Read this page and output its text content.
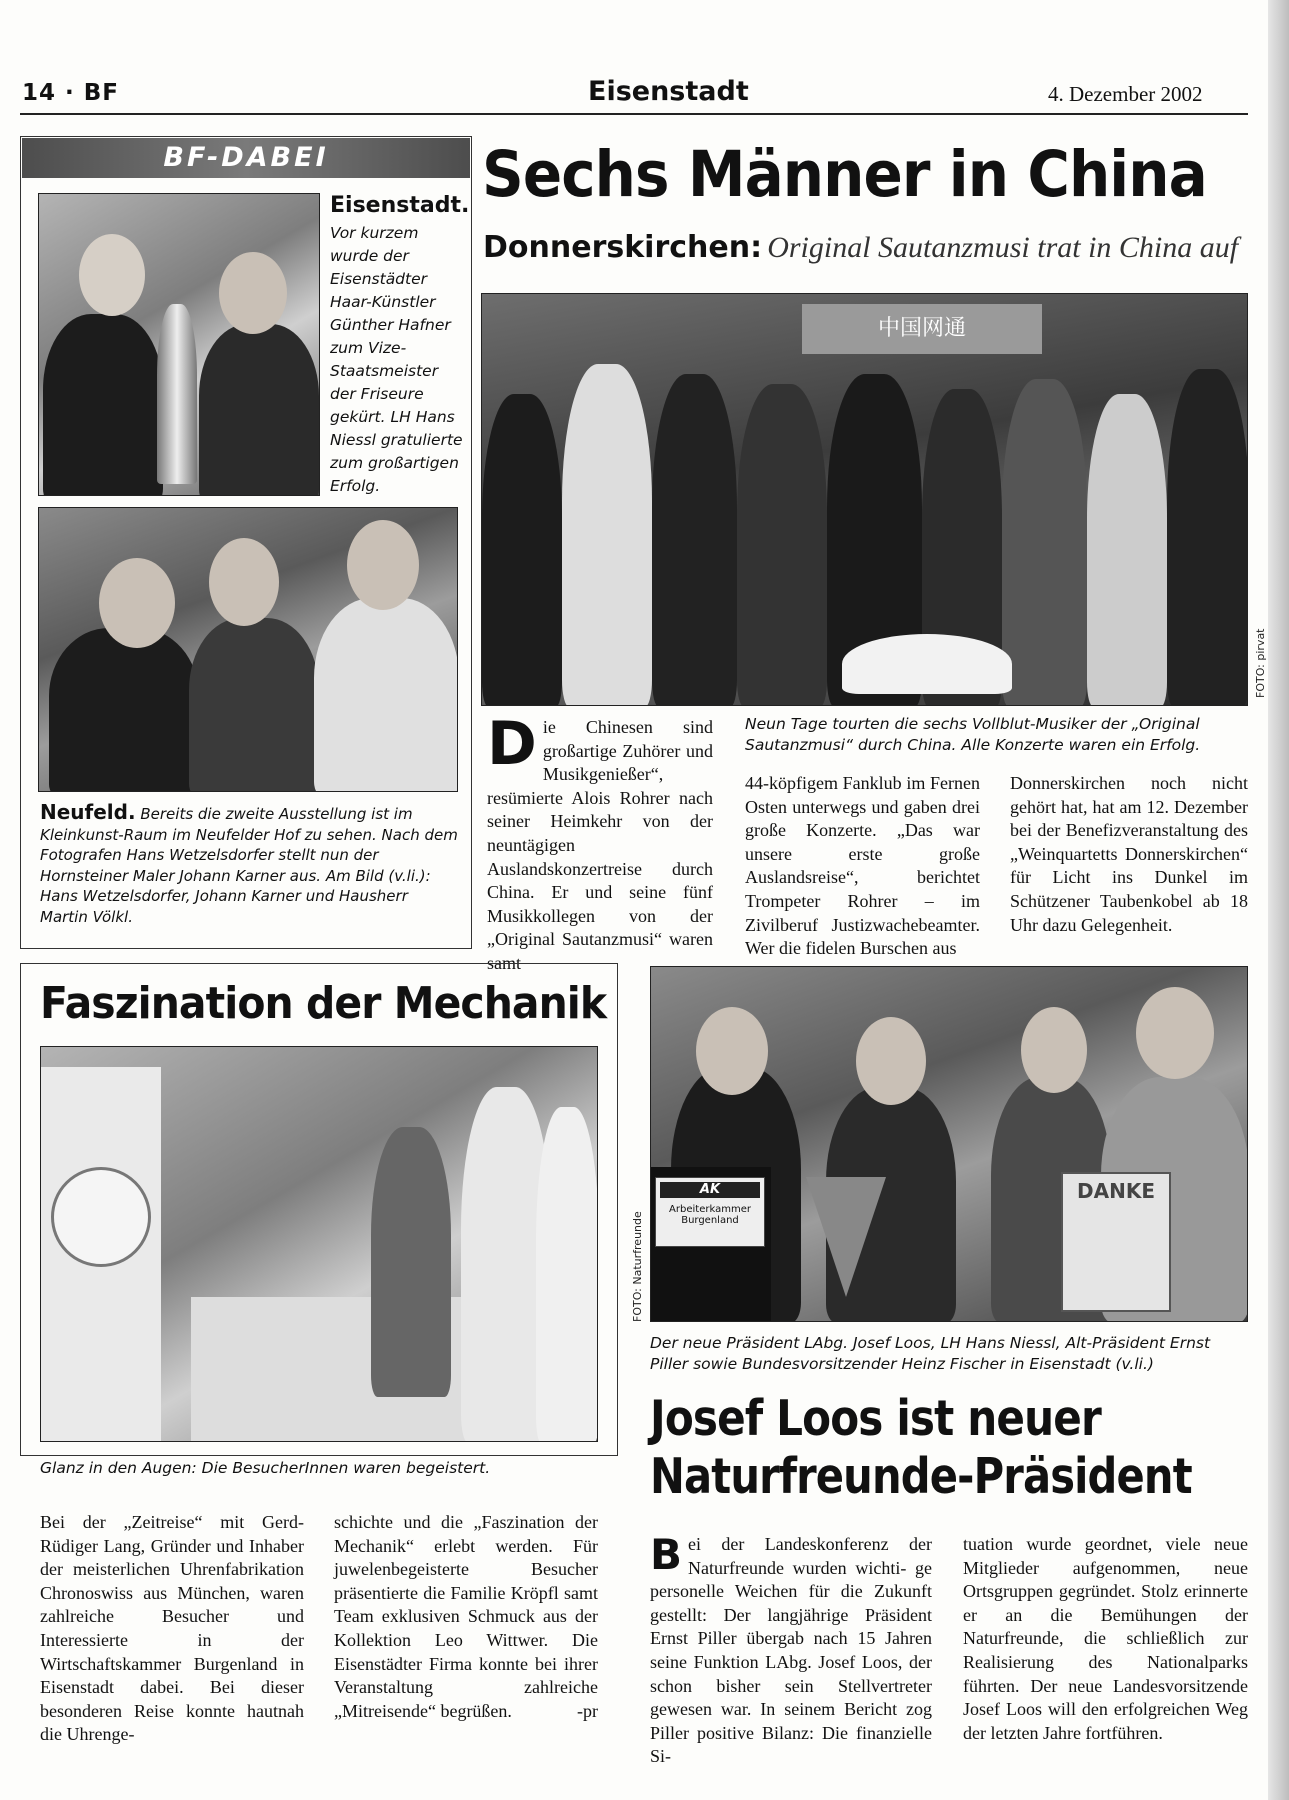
14 · BF	Eisenstadt	4. Dezember 2002
BF-DABEI
Eisenstadt.
Vor kurzem wurde der Eisenstädter Haar-Künstler Günther Hafner zum Vize-Staatsmeister der Friseure gekürt. LH Hans Niessl gratulierte zum großartigen Erfolg.
Neufeld. Bereits die zweite Ausstellung ist im Kleinkunst-Raum im Neufelder Hof zu sehen. Nach dem Fotografen Hans Wetzelsdorfer stellt nun der Hornsteiner Maler Johann Karner aus. Am Bild (v.li.): Hans Wetzelsdorfer, Johann Karner und Hausherr Martin Völkl.
Sechs Männer in China
Donnerskirchen: Original Sautanzmusi trat in China auf
中国网通
FOTO: pirvat
Neun Tage tourten die sechs Vollblut-Musiker der „Original Sautanzmusi“ durch China. Alle Konzerte waren ein Erfolg.
Die Chinesen sind großartige Zuhörer und Musikgenießer“, resümierte Alois Rohrer nach seiner Heimkehr von der neuntägigen Auslandskonzertreise durch China. Er und seine fünf Musikkollegen von der „Original Sautanzmusi“ waren samt
44-köpfigem Fanklub im Fernen Osten unterwegs und gaben drei große Konzerte. „Das war unsere erste große Auslandsreise“, berichtet Trompeter Rohrer – im Zivilberuf Justizwachebeamter. Wer die fidelen Burschen aus
Donnerskirchen noch nicht gehört hat, hat am 12. Dezember bei der Benefizveranstaltung des „Weinquartetts Donnerskirchen“ für Licht ins Dunkel im Schützener Taubenkobel ab 18 Uhr dazu Gelegenheit.
Faszination der Mechanik
Glanz in den Augen: Die BesucherInnen waren begeistert.
Bei der „Zeitreise“ mit Gerd-Rüdiger Lang, Gründer und Inhaber der meisterlichen Uhrenfabrikation Chronoswiss aus München, waren zahlreiche Besucher und Interessierte in der Wirtschaftskammer Burgenland in Eisenstadt dabei. Bei dieser besonderen Reise konnte hautnah die Uhrenge-
schichte und die „Faszination der Mechanik“ erlebt werden. Für juwelenbegeisterte Besucher präsentierte die Familie Kröpfl samt Team exklusiven Schmuck aus der Kollektion Leo Wittwer. Die Eisenstädter Firma konnte bei ihrer Veranstaltung zahlreiche „Mitreisende“ begrüßen.	-pr
AK
Arbeiterkammer
Burgenland
DANKE
FOTO: Naturfreunde
Der neue Präsident LAbg. Josef Loos, LH Hans Niessl, Alt-Präsident Ernst Piller sowie Bundesvorsitzender Heinz Fischer in Eisenstadt (v.li.)
Josef Loos ist neuer
Naturfreunde-Präsident
Bei der Landeskonferenz der Naturfreunde wurden wichti- ge personelle Weichen für die Zukunft gestellt: Der langjährige Präsident Ernst Piller übergab nach 15 Jahren seine Funktion LAbg. Josef Loos, der schon bisher sein Stellvertreter gewesen war. In seinem Bericht zog Piller positive Bilanz: Die finanzielle Si-
tuation wurde geordnet, viele neue Mitglieder aufgenommen, neue Ortsgruppen gegründet. Stolz erinnerte er an die Bemühungen der Naturfreunde, die schließlich zur Realisierung des Nationalparks führten. Der neue Landesvorsitzende Josef Loos will den erfolgreichen Weg der letzten Jahre fortführen.
